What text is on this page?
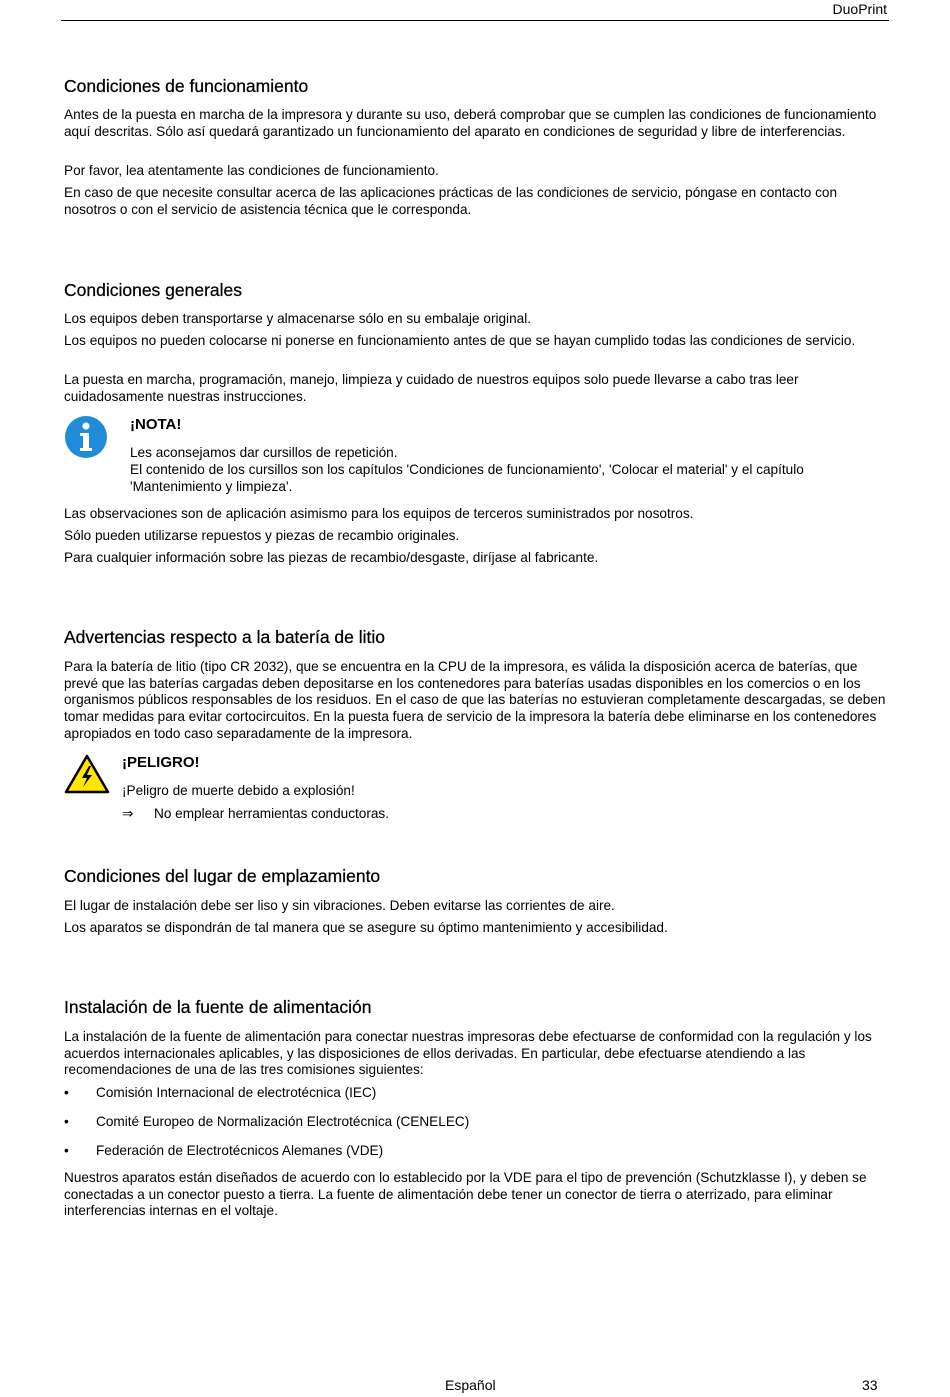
DuoPrint
Condiciones de funcionamiento

Antes de la puesta en marcha de la impresora y durante su uso, deberá comprobar que se cumplen las condiciones de funcionamiento aquí descritas. Sólo así quedará garantizado un funcionamiento del aparato en condiciones de seguridad y libre de interferencias.

Por favor, lea atentamente las condiciones de funcionamiento.

En caso de que necesite consultar acerca de las aplicaciones prácticas de las condiciones de servicio, póngase en contacto con nosotros o con el servicio de asistencia técnica que le corresponda.

Condiciones generales

Los equipos deben transportarse y almacenarse sólo en su embalaje original.

Los equipos no pueden colocarse ni ponerse en funcionamiento antes de que se hayan cumplido todas las condiciones de servicio.

La puesta en marcha, programación, manejo, limpieza y cuidado de nuestros equipos solo puede llevarse a cabo tras leer cuidadosamente nuestras instrucciones.

¡NOTA!
Les aconsejamos dar cursillos de repetición.
El contenido de los cursillos son los capítulos 'Condiciones de funcionamiento', 'Colocar el material' y el capítulo 'Mantenimiento y limpieza'.

Las observaciones son de aplicación asimismo para los equipos de terceros suministrados por nosotros.

Sólo pueden utilizarse repuestos y piezas de recambio originales.

Para cualquier información sobre las piezas de recambio/desgaste, diríjase al fabricante.

Advertencias respecto a la batería de litio

Para la batería de litio (tipo CR 2032), que se encuentra en la CPU de la impresora, es válida la disposición acerca de baterías, que prevé que las baterías cargadas deben depositarse en los contenedores para baterías usadas disponibles en los comercios o en los organismos públicos responsables de los residuos. En el caso de que las baterías no estuvieran completamente descargadas, se deben tomar medidas para evitar cortocircuitos. En la puesta fuera de servicio de la impresora la batería debe eliminarse en los contenedores apropiados en todo caso separadamente de la impresora.

¡PELIGRO!
¡Peligro de muerte debido a explosión!
⇒	No emplear herramientas conductoras.
Condiciones del lugar de emplazamiento

El lugar de instalación debe ser liso y sin vibraciones. Deben evitarse las corrientes de aire.

Los aparatos se dispondrán de tal manera que se asegure su óptimo mantenimiento y accesibilidad.

Instalación de la fuente de alimentación

La instalación de la fuente de alimentación para conectar nuestras impresoras debe efectuarse de conformidad con la regulación y los acuerdos internacionales aplicables, y las disposiciones de ellos derivadas. En particular, debe efectuarse atendiendo a las recomendaciones de una de las tres comisiones siguientes:

•	Comisión Internacional de electrotécnica (IEC)
•	Comité Europeo de Normalización Electrotécnica (CENELEC)
•	Federación de Electrotécnicos Alemanes (VDE)

Nuestros aparatos están diseñados de acuerdo con lo establecido por la VDE para el tipo de prevención (Schutzklasse I), y deben se conectadas a un conector puesto a tierra. La fuente de alimentación debe tener un conector de tierra o aterrizado, para eliminar interferencias internas en el voltaje.

Español	33
